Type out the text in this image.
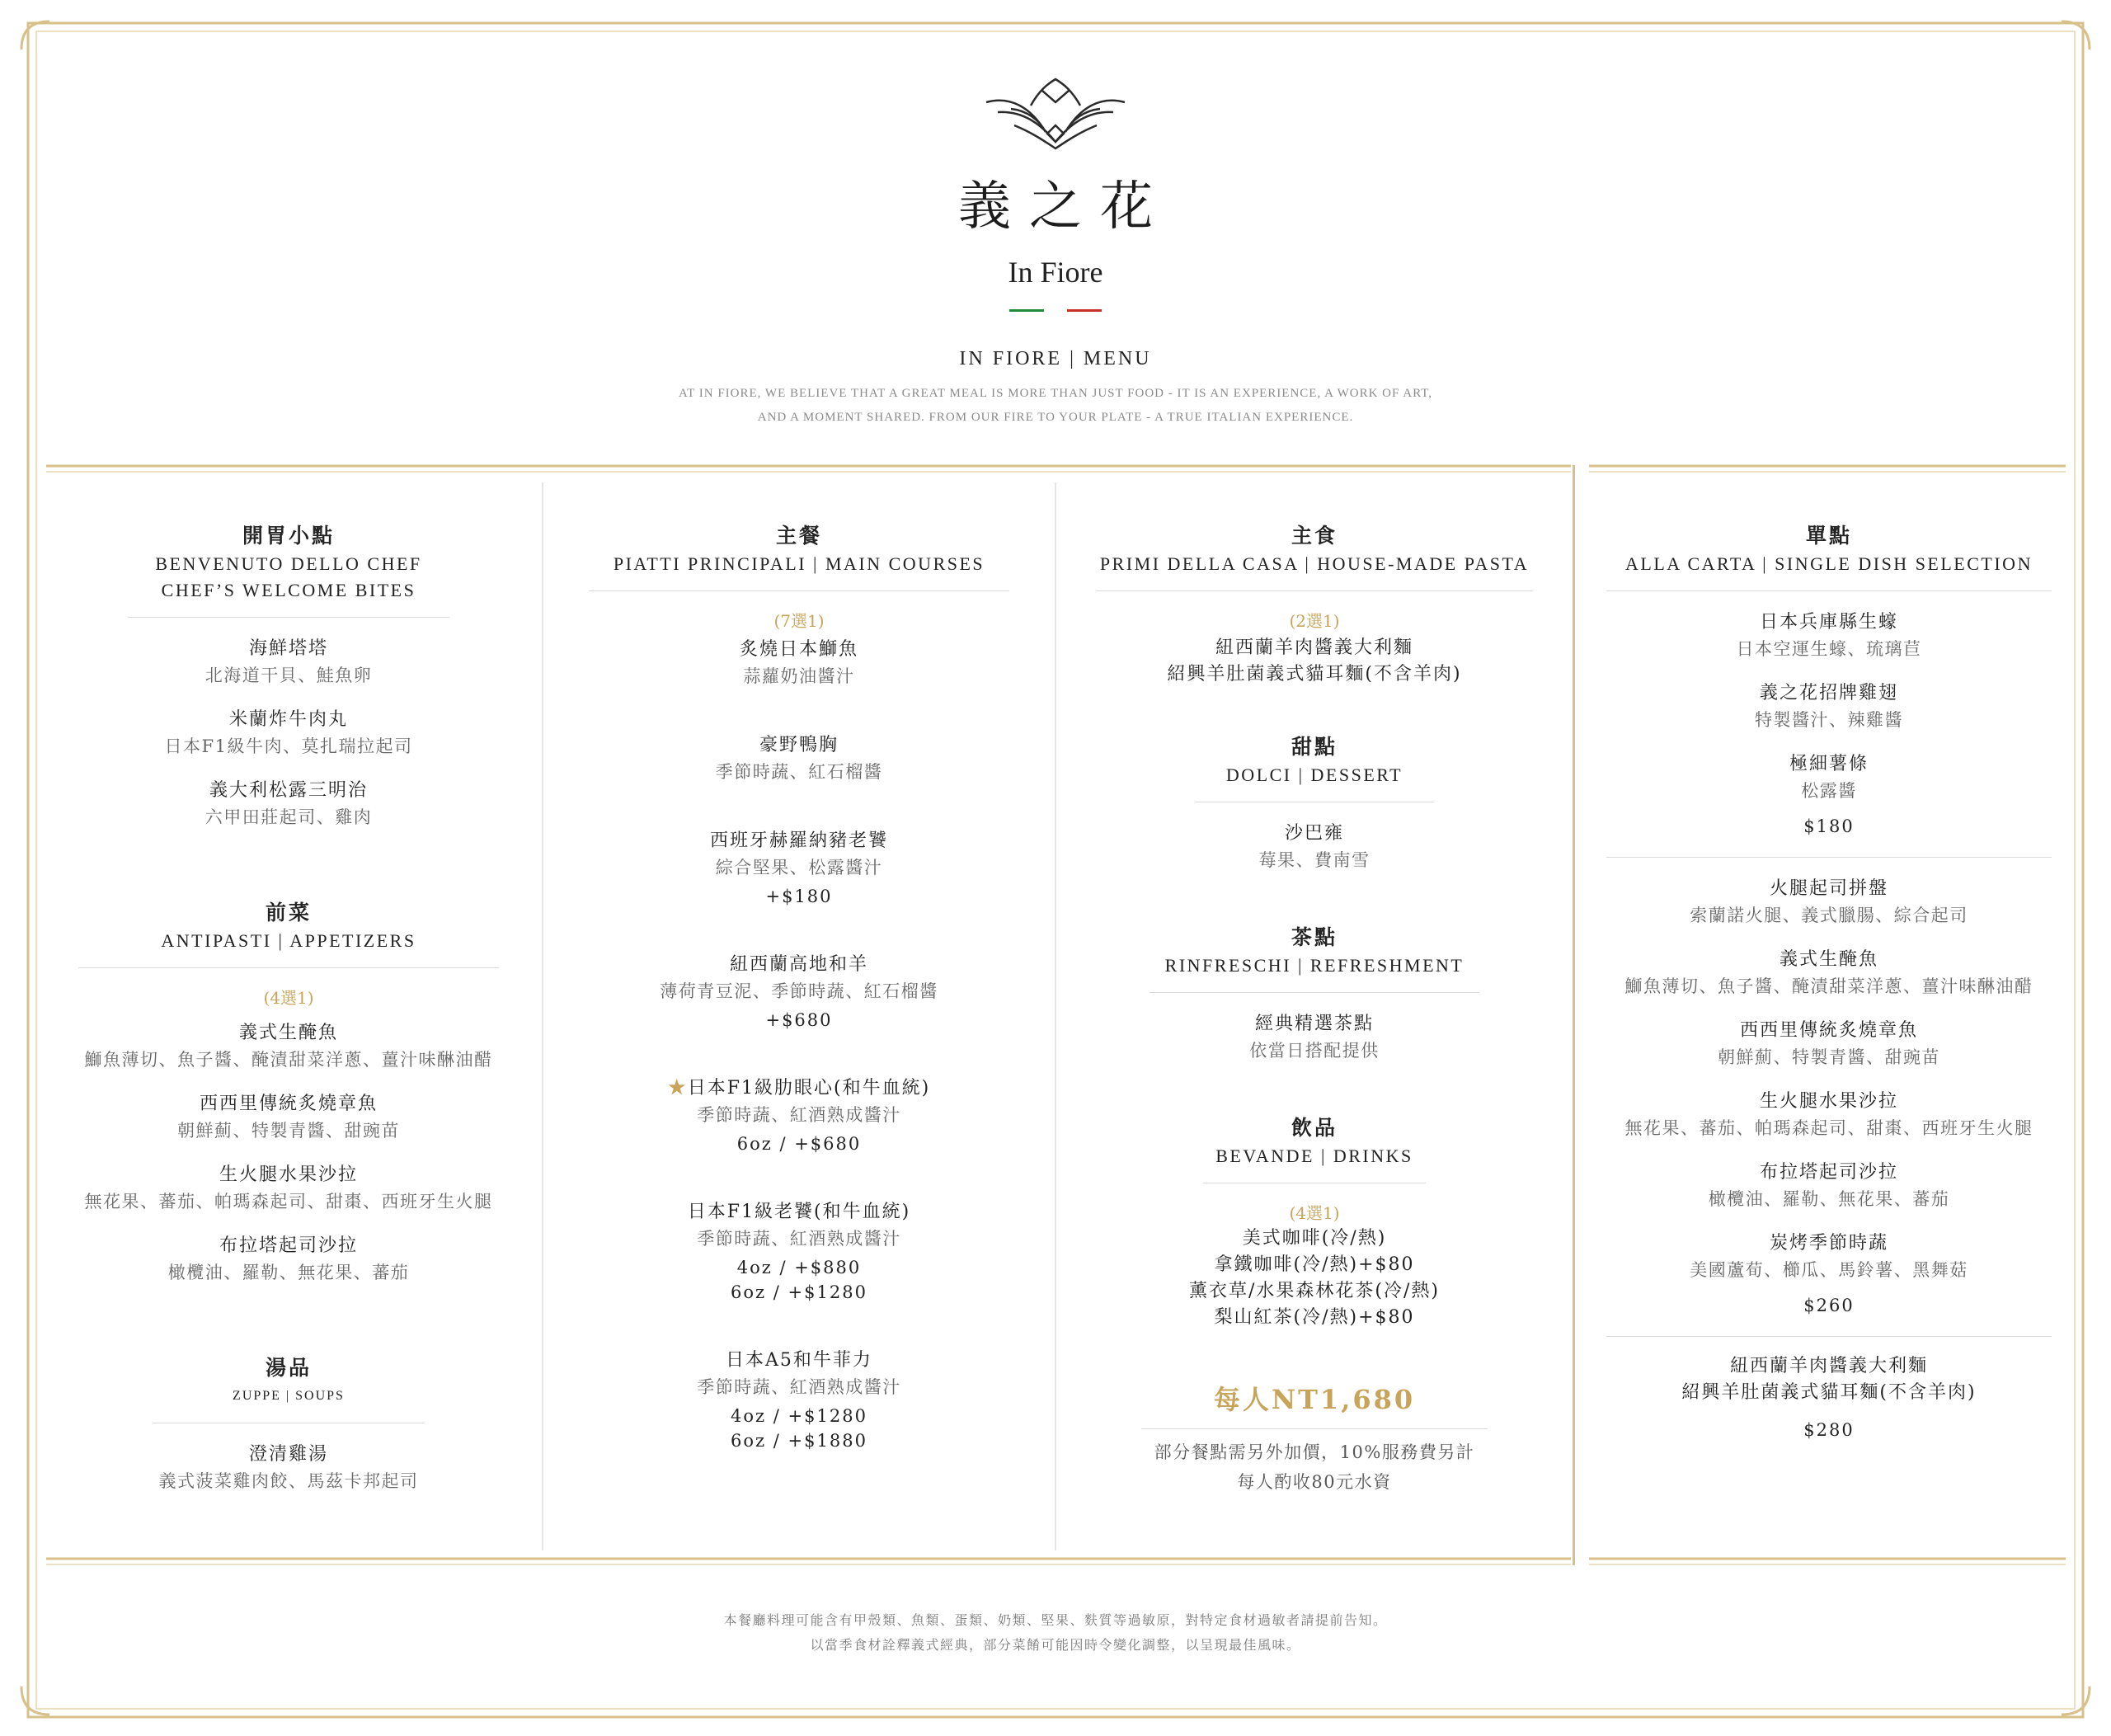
義之花
In Fiore
IN FIORE | MENU
AT IN FIORE, WE BELIEVE THAT A GREAT MEAL IS MORE THAN JUST FOOD - IT IS AN EXPERIENCE, A WORK OF ART,
AND A MOMENT SHARED. FROM OUR FIRE TO YOUR PLATE - A TRUE ITALIAN EXPERIENCE.
開胃小點
BENVENUTO DELLO CHEF
CHEF’S WELCOME BITES
海鮮塔塔
北海道干貝、鮭魚卵
米蘭炸牛肉丸
日本F1級牛肉、莫扎瑞拉起司
義大利松露三明治
六甲田莊起司、雞肉
前菜
ANTIPASTI | APPETIZERS
(4選1)
義式生醃魚
鰤魚薄切、魚子醬、醃漬甜菜洋蔥、薑汁味醂油醋
西西里傳統炙燒章魚
朝鮮薊、特製青醬、甜豌苗
生火腿水果沙拉
無花果、蕃茄、帕瑪森起司、甜棗、西班牙生火腿
布拉塔起司沙拉
橄欖油、羅勒、無花果、蕃茄
湯品
ZUPPE | SOUPS
澄清雞湯
義式菠菜雞肉餃、馬茲卡邦起司
主餐
PIATTI PRINCIPALI | MAIN COURSES
(7選1)
炙燒日本鰤魚
蒜蘿奶油醬汁
豪野鴨胸
季節時蔬、紅石榴醬
西班牙赫羅納豬老饕
綜合堅果、松露醬汁
+$180
紐西蘭高地和羊
薄荷青豆泥、季節時蔬、紅石榴醬
+$680
★日本F1級肋眼心(和牛血統)
季節時蔬、紅酒熟成醬汁
6oz / +$680
日本F1級老饕(和牛血統)
季節時蔬、紅酒熟成醬汁
4oz / +$880
6oz / +$1280
日本A5和牛菲力
季節時蔬、紅酒熟成醬汁
4oz / +$1280
6oz / +$1880
主食
PRIMI DELLA CASA | HOUSE-MADE PASTA
(2選1)
紐西蘭羊肉醬義大利麵
紹興羊肚菌義式貓耳麵(不含羊肉)
甜點
DOLCI | DESSERT
沙巴雍
莓果、費南雪
茶點
RINFRESCHI | REFRESHMENT
經典精選茶點
依當日搭配提供
飲品
BEVANDE | DRINKS
(4選1)
美式咖啡(冷/熱)
拿鐵咖啡(冷/熱)+$80
薰衣草/水果森林花茶(冷/熱)
梨山紅茶(冷/熱)+$80
每人NT1,680
部分餐點需另外加價，10%服務費另計
每人酌收80元水資
單點
ALLA CARTA | SINGLE DISH SELECTION
日本兵庫縣生蠔
日本空運生蠔、琉璃苣
義之花招牌雞翅
特製醬汁、辣雞醬
極細薯條
松露醬
$180
火腿起司拼盤
索蘭諾火腿、義式臘腸、綜合起司
義式生醃魚
鰤魚薄切、魚子醬、醃漬甜菜洋蔥、薑汁味醂油醋
西西里傳統炙燒章魚
朝鮮薊、特製青醬、甜豌苗
生火腿水果沙拉
無花果、蕃茄、帕瑪森起司、甜棗、西班牙生火腿
布拉塔起司沙拉
橄欖油、羅勒、無花果、蕃茄
炭烤季節時蔬
美國蘆荀、櫛瓜、馬鈴薯、黑舞菇
$260
紐西蘭羊肉醬義大利麵
紹興羊肚菌義式貓耳麵(不含羊肉)
$280
本餐廳料理可能含有甲殼類、魚類、蛋類、奶類、堅果、麩質等過敏原，對特定食材過敏者請提前告知。
以當季食材詮釋義式經典，部分菜餚可能因時令變化調整，以呈現最佳風味。
